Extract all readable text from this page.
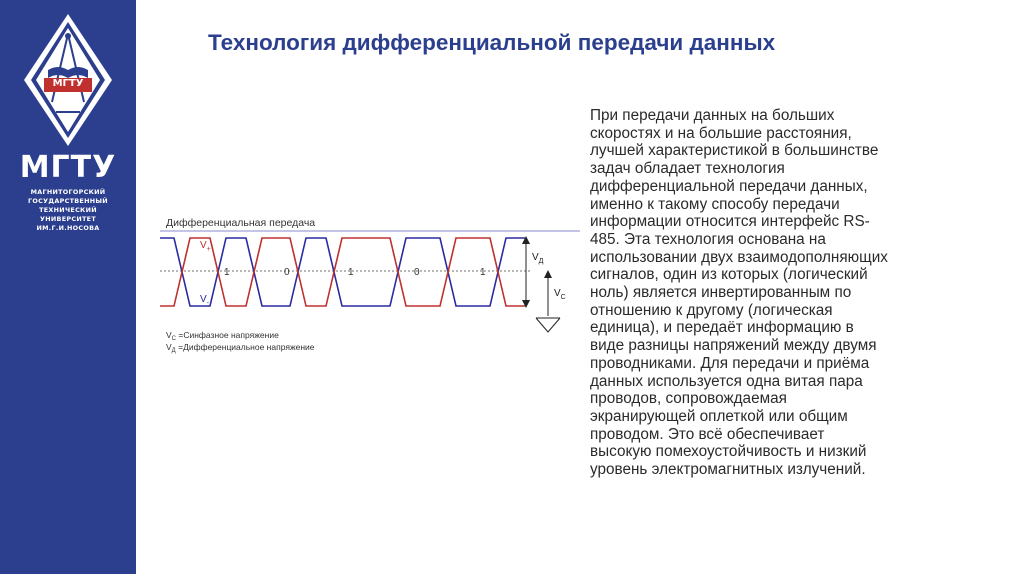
МГТУ
МГТУ
МАГНИТОГОРСКИЙ
ГОСУДАРСТВЕННЫЙ
ТЕХНИЧЕСКИЙ
УНИВЕРСИТЕТ
ИМ.Г.И.НОСОВА
Технология дифференциальной передачи данных

При передачи данных на больших

скоростях и на большие расстояния,

лучшей характеристикой в большинстве

задач обладает технология

дифференциальной передачи данных,

именно к такому способу передачи

информации относится интерфейс RS-

485. Эта технология основана на

использовании двух взаимодополняющих

сигналов, один из которых (логический

ноль) является инвертированным по

отношению к другому (логическая

единица), и передаёт информацию в

виде разницы напряжений между двумя

проводниками. Для передачи и приёма

данных используется одна витая пара

проводов, сопровождаемая

экранирующей оплеткой или общим

проводом. Это всё обеспечивает

высокую помехоустойчивость и низкий

уровень электромагнитных излучений.

Дифференциальная передача
$V_+$
$V_-$
1	0	1	0	1
$V_Д$
$V_С$
$V_С$ =Синфазное напряжение
$V_Д$ =Дифференциальное напряжение
